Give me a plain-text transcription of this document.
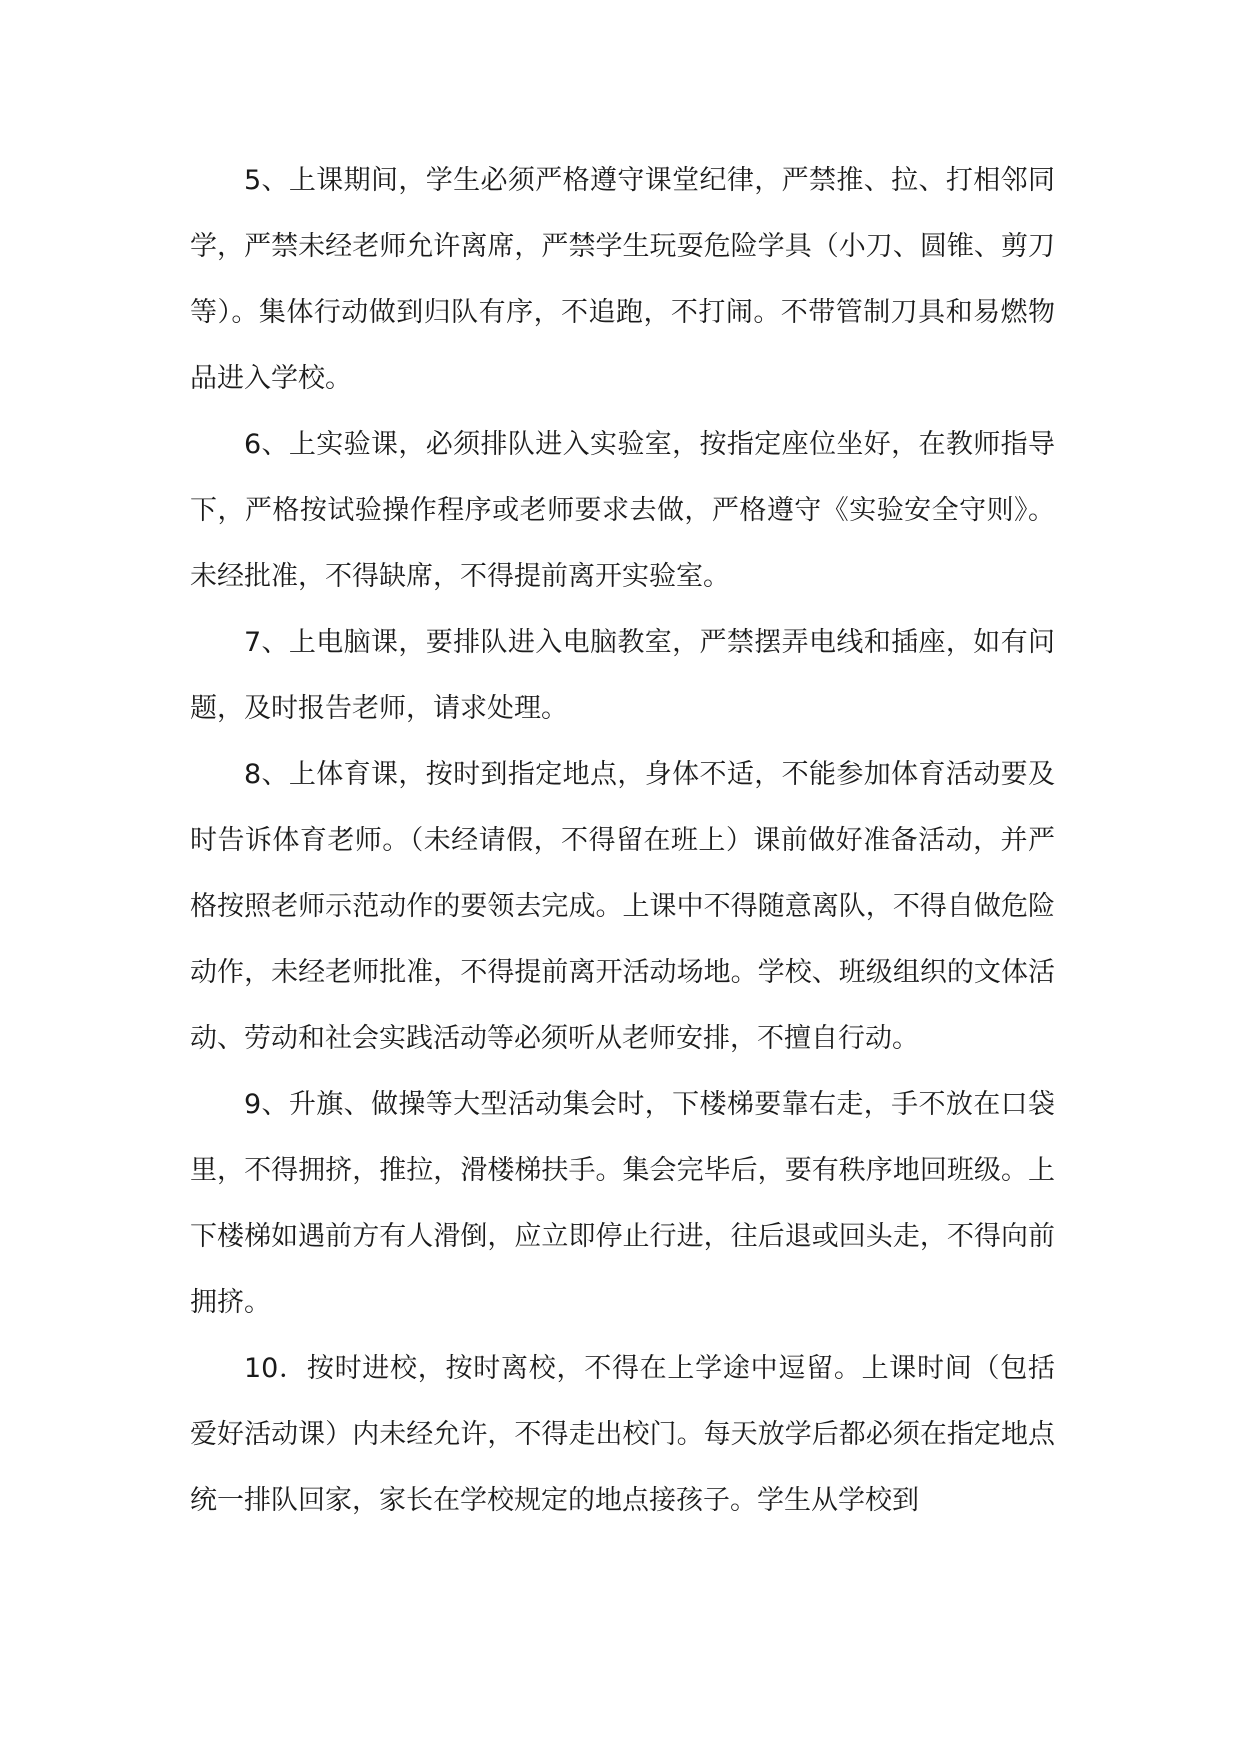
5、上课期间，学生必须严格遵守课堂纪律，严禁推、拉、打相邻同学，严禁未经老师允许离席，严禁学生玩耍危险学具（小刀、圆锥、剪刀等）。集体行动做到归队有序，不追跑，不打闹。不带管制刀具和易燃物品进入学校。

6、上实验课，必须排队进入实验室，按指定座位坐好，在教师指导下，严格按试验操作程序或老师要求去做，严格遵守《实验安全守则》。未经批准，不得缺席，不得提前离开实验室。

7、上电脑课，要排队进入电脑教室，严禁摆弄电线和插座，如有问题，及时报告老师，请求处理。

8、上体育课，按时到指定地点，身体不适，不能参加体育活动要及时告诉体育老师。（未经请假，不得留在班上）课前做好准备活动，并严格按照老师示范动作的要领去完成。上课中不得随意离队，不得自做危险动作，未经老师批准，不得提前离开活动场地。学校、班级组织的文体活动、劳动和社会实践活动等必须听从老师安排，不擅自行动。

9、升旗、做操等大型活动集会时，下楼梯要靠右走，手不放在口袋里，不得拥挤，推拉，滑楼梯扶手。集会完毕后，要有秩序地回班级。上下楼梯如遇前方有人滑倒，应立即停止行进，往后退或回头走，不得向前拥挤。

10．按时进校，按时离校，不得在上学途中逗留。上课时间（包括爱好活动课）内未经允许，不得走出校门。每天放学后都必须在指定地点统一排队回家，家长在学校规定的地点接孩子。学生从学校到
